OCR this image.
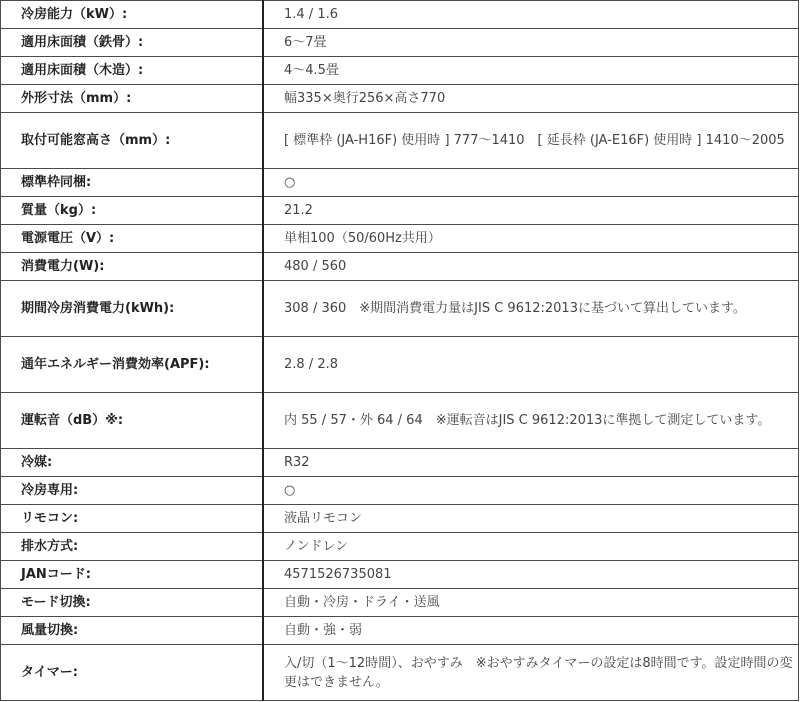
冷房能力（kW）:	1.4 / 1.6
適用床面積（鉄骨）:	6～7畳
適用床面積（木造）:	4～4.5畳
外形寸法（mm）:	幅335×奥行256×高さ770
取付可能窓高さ（mm）:	[ 標準枠 (JA-H16F) 使用時 ] 777～1410　[ 延長枠 (JA-E16F) 使用時 ] 1410～2005
標準枠同梱:	○
質量（kg）:	21.2
電源電圧（V）:	単相100（50/60Hz共用）
消費電力(W):	480 / 560
期間冷房消費電力(kWh):	308 / 360　※期間消費電力量はJIS C 9612:2013に基づいて算出しています。
通年エネルギー消費効率(APF):	2.8 / 2.8
運転音（dB）※:	内 55 / 57・外 64 / 64　※運転音はJIS C 9612:2013に準拠して測定しています。
冷媒:	R32
冷房専用:	○
リモコン:	液晶リモコン
排水方式:	ノンドレン
JANコード:	4571526735081
モード切換:	自動・冷房・ドライ・送風
風量切換:	自動・強・弱
タイマー:	入/切（1～12時間）、おやすみ　※おやすみタイマーの設定は8時間です。設定時間の変更はできません。
